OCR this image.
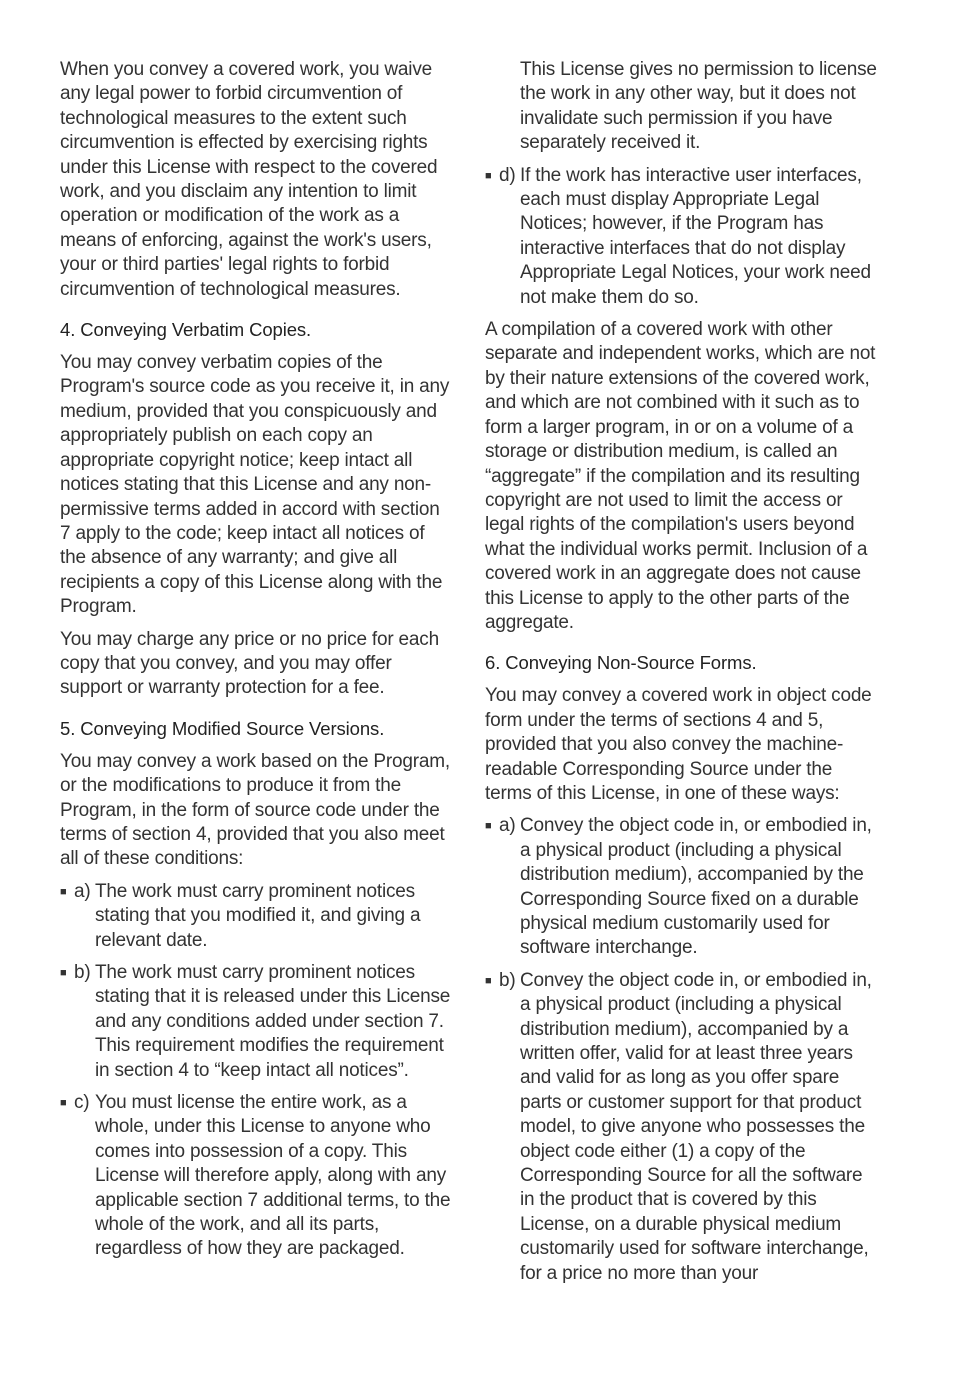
When you convey a covered work, you waive any legal power to forbid circumvention of technological measures to the extent such circumvention is effected by exercising rights under this License with respect to the covered work, and you disclaim any intention to limit operation or modification of the work as a means of enforcing, against the work's users, your or third parties' legal rights to forbid circumvention of technological measures.

4. Conveying Verbatim Copies.

You may convey verbatim copies of the Program's source code as you receive it, in any medium, provided that you conspicuously and appropriately publish on each copy an appropriate copyright notice; keep intact all notices stating that this License and any non-permissive terms added in accord with section 7 apply to the code; keep intact all notices of the absence of any warranty; and give all recipients a copy of this License along with the Program.

You may charge any price or no price for each copy that you convey, and you may offer support or warranty protection for a fee.

5. Conveying Modified Source Versions.

You may convey a work based on the Program, or the modifications to produce it from the Program, in the form of source code under the terms of section 4, provided that you also meet all of these conditions:

■ a) The work must carry prominent notices stating that you modified it, and giving a relevant date.
■ b) The work must carry prominent notices stating that it is released under this License and any conditions added under section 7. This requirement modifies the requirement in section 4 to “keep intact all notices”.
■ c) You must license the entire work, as a whole, under this License to anyone who comes into possession of a copy. This License will therefore apply, along with any applicable section 7 additional terms, to the whole of the work, and all its parts, regardless of how they are packaged.

This License gives no permission to license the work in any other way, but it does not invalidate such permission if you have separately received it.

■ d) If the work has interactive user interfaces, each must display Appropriate Legal Notices; however, if the Program has interactive interfaces that do not display Appropriate Legal Notices, your work need not make them do so.

A compilation of a covered work with other separate and independent works, which are not by their nature extensions of the covered work, and which are not combined with it such as to form a larger program, in or on a volume of a storage or distribution medium, is called an “aggregate” if the compilation and its resulting copyright are not used to limit the access or legal rights of the compilation's users beyond what the individual works permit. Inclusion of a covered work in an aggregate does not cause this License to apply to the other parts of the aggregate.

6. Conveying Non-Source Forms.

You may convey a covered work in object code form under the terms of sections 4 and 5, provided that you also convey the machine-readable Corresponding Source under the terms of this License, in one of these ways:

■ a) Convey the object code in, or embodied in, a physical product (including a physical distribution medium), accompanied by the Corresponding Source fixed on a durable physical medium customarily used for software interchange.
■ b) Convey the object code in, or embodied in, a physical product (including a physical distribution medium), accompanied by a written offer, valid for at least three years and valid for as long as you offer spare parts or customer support for that product model, to give anyone who possesses the object code either (1) a copy of the Corresponding Source for all the software in the product that is covered by this License, on a durable physical medium customarily used for software interchange, for a price no more than your
